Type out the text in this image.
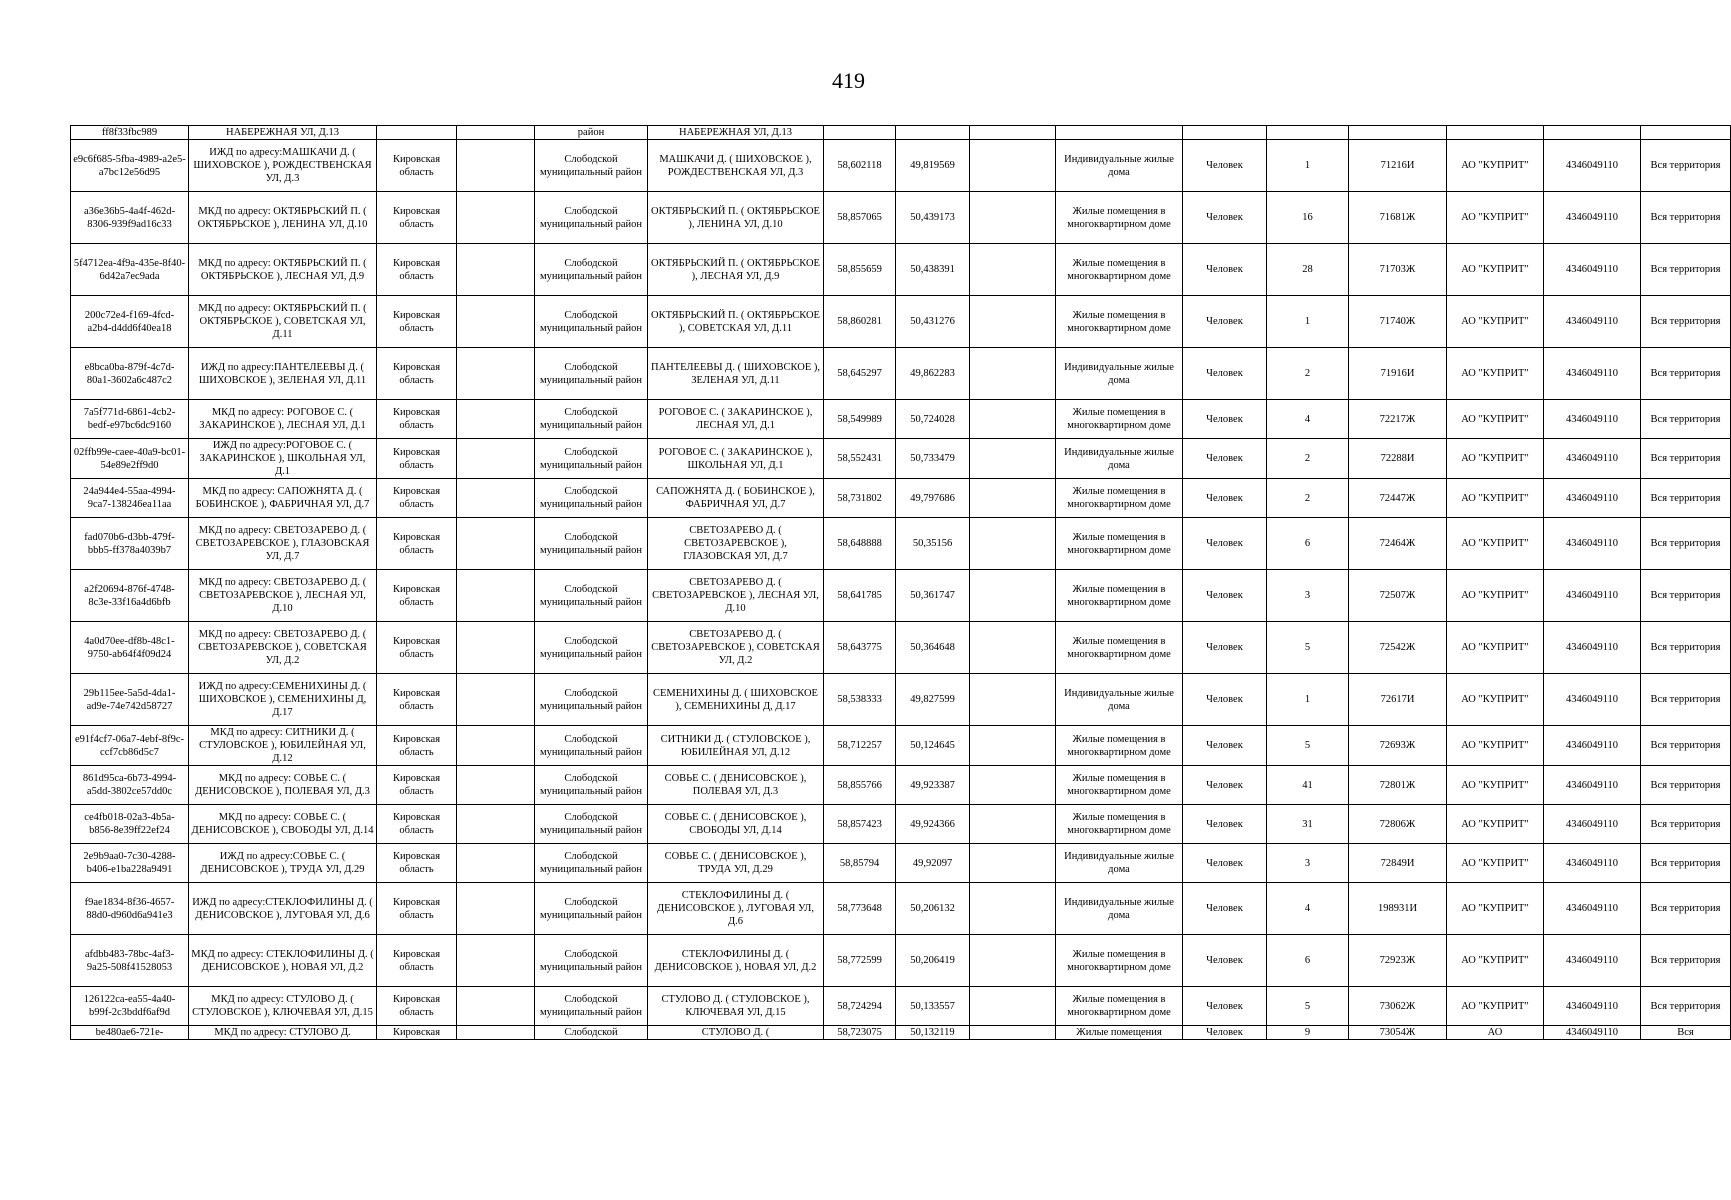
419
ff8f33fbc989	НАБЕРЕЖНАЯ УЛ, Д.13			район	НАБЕРЕЖНАЯ УЛ, Д.13										
e9c6f685-5fba-4989-a2e5-a7bc12e56d95	ИЖД по адресу:МАШКАЧИ Д. ( ШИХОВСКОЕ ), РОЖДЕСТВЕНСКАЯ УЛ, Д.3	Кировская область		Слободской муниципальный район	МАШКАЧИ Д. ( ШИХОВСКОЕ ), РОЖДЕСТВЕНСКАЯ УЛ, Д.3	58,602118	49,819569		Индивидуальные жилые дома	Человек	1	71216И	АО "КУПРИТ"	4346049110	Вся территория
a36e36b5-4a4f-462d-8306-939f9ad16c33	МКД по адресу: ОКТЯБРЬСКИЙ П. ( ОКТЯБРЬСКОЕ ), ЛЕНИНА УЛ, Д.10	Кировская область		Слободской муниципальный район	ОКТЯБРЬСКИЙ П. ( ОКТЯБРЬСКОЕ ), ЛЕНИНА УЛ, Д.10	58,857065	50,439173		Жилые помещения в многоквартирном доме	Человек	16	71681Ж	АО "КУПРИТ"	4346049110	Вся территория
5f4712ea-4f9a-435e-8f40-6d42a7ec9ada	МКД по адресу: ОКТЯБРЬСКИЙ П. ( ОКТЯБРЬСКОЕ ), ЛЕСНАЯ УЛ, Д.9	Кировская область		Слободской муниципальный район	ОКТЯБРЬСКИЙ П. ( ОКТЯБРЬСКОЕ ), ЛЕСНАЯ УЛ, Д.9	58,855659	50,438391		Жилые помещения в многоквартирном доме	Человек	28	71703Ж	АО "КУПРИТ"	4346049110	Вся территория
200c72e4-f169-4fcd-a2b4-d4dd6f40ea18	МКД по адресу: ОКТЯБРЬСКИЙ П. ( ОКТЯБРЬСКОЕ ), СОВЕТСКАЯ УЛ, Д.11	Кировская область		Слободской муниципальный район	ОКТЯБРЬСКИЙ П. ( ОКТЯБРЬСКОЕ ), СОВЕТСКАЯ УЛ, Д.11	58,860281	50,431276		Жилые помещения в многоквартирном доме	Человек	1	71740Ж	АО "КУПРИТ"	4346049110	Вся территория
e8bca0ba-879f-4c7d-80a1-3602a6c487c2	ИЖД по адресу:ПАНТЕЛЕЕВЫ Д. ( ШИХОВСКОЕ ), ЗЕЛЕНАЯ УЛ, Д.11	Кировская область		Слободской муниципальный район	ПАНТЕЛЕЕВЫ Д. ( ШИХОВСКОЕ ), ЗЕЛЕНАЯ УЛ, Д.11	58,645297	49,862283		Индивидуальные жилые дома	Человек	2	71916И	АО "КУПРИТ"	4346049110	Вся территория
7a5f771d-6861-4cb2-bedf-e97bc6dc9160	МКД по адресу: РОГОВОЕ С. ( ЗАКАРИНСКОЕ ), ЛЕСНАЯ УЛ, Д.1	Кировская область		Слободской муниципальный район	РОГОВОЕ С. ( ЗАКАРИНСКОЕ ), ЛЕСНАЯ УЛ, Д.1	58,549989	50,724028		Жилые помещения в многоквартирном доме	Человек	4	72217Ж	АО "КУПРИТ"	4346049110	Вся территория
02ffb99e-caee-40a9-bc01-54e89e2ff9d0	ИЖД по адресу:РОГОВОЕ С. ( ЗАКАРИНСКОЕ ), ШКОЛЬНАЯ УЛ, Д.1	Кировская область		Слободской муниципальный район	РОГОВОЕ С. ( ЗАКАРИНСКОЕ ), ШКОЛЬНАЯ УЛ, Д.1	58,552431	50,733479		Индивидуальные жилые дома	Человек	2	72288И	АО "КУПРИТ"	4346049110	Вся территория
24a944e4-55aa-4994-9ca7-138246ea11aa	МКД по адресу: САПОЖНЯТА Д. ( БОБИНСКОЕ ), ФАБРИЧНАЯ УЛ, Д.7	Кировская область		Слободской муниципальный район	САПОЖНЯТА Д. ( БОБИНСКОЕ ), ФАБРИЧНАЯ УЛ, Д.7	58,731802	49,797686		Жилые помещения в многоквартирном доме	Человек	2	72447Ж	АО "КУПРИТ"	4346049110	Вся территория
fad070b6-d3bb-479f-bbb5-ff378a4039b7	МКД по адресу: СВЕТОЗАРЕВО Д. ( СВЕТОЗАРЕВСКОЕ ), ГЛАЗОВСКАЯ УЛ, Д.7	Кировская область		Слободской муниципальный район	СВЕТОЗАРЕВО Д. ( СВЕТОЗАРЕВСКОЕ ), ГЛАЗОВСКАЯ УЛ, Д.7	58,648888	50,35156		Жилые помещения в многоквартирном доме	Человек	6	72464Ж	АО "КУПРИТ"	4346049110	Вся территория
a2f20694-876f-4748-8c3e-33f16a4d6bfb	МКД по адресу: СВЕТОЗАРЕВО Д. ( СВЕТОЗАРЕВСКОЕ ), ЛЕСНАЯ УЛ, Д.10	Кировская область		Слободской муниципальный район	СВЕТОЗАРЕВО Д. ( СВЕТОЗАРЕВСКОЕ ), ЛЕСНАЯ УЛ, Д.10	58,641785	50,361747		Жилые помещения в многоквартирном доме	Человек	3	72507Ж	АО "КУПРИТ"	4346049110	Вся территория
4a0d70ee-df8b-48c1-9750-ab64f4f09d24	МКД по адресу: СВЕТОЗАРЕВО Д. ( СВЕТОЗАРЕВСКОЕ ), СОВЕТСКАЯ УЛ, Д.2	Кировская область		Слободской муниципальный район	СВЕТОЗАРЕВО Д. ( СВЕТОЗАРЕВСКОЕ ), СОВЕТСКАЯ УЛ, Д.2	58,643775	50,364648		Жилые помещения в многоквартирном доме	Человек	5	72542Ж	АО "КУПРИТ"	4346049110	Вся территория
29b115ee-5a5d-4da1-ad9e-74e742d58727	ИЖД по адресу:СЕМЕНИХИНЫ Д. ( ШИХОВСКОЕ ), СЕМЕНИХИНЫ Д, Д.17	Кировская область		Слободской муниципальный район	СЕМЕНИХИНЫ Д. ( ШИХОВСКОЕ ), СЕМЕНИХИНЫ Д, Д.17	58,538333	49,827599		Индивидуальные жилые дома	Человек	1	72617И	АО "КУПРИТ"	4346049110	Вся территория
e91f4cf7-06a7-4ebf-8f9c-ccf7cb86d5c7	МКД по адресу: СИТНИКИ Д. ( СТУЛОВСКОЕ ), ЮБИЛЕЙНАЯ УЛ, Д.12	Кировская область		Слободской муниципальный район	СИТНИКИ Д. ( СТУЛОВСКОЕ ), ЮБИЛЕЙНАЯ УЛ, Д.12	58,712257	50,124645		Жилые помещения в многоквартирном доме	Человек	5	72693Ж	АО "КУПРИТ"	4346049110	Вся территория
861d95ca-6b73-4994-a5dd-3802ce57dd0c	МКД по адресу: СОВЬЕ С. ( ДЕНИСОВСКОЕ ), ПОЛЕВАЯ УЛ, Д.3	Кировская область		Слободской муниципальный район	СОВЬЕ С. ( ДЕНИСОВСКОЕ ), ПОЛЕВАЯ УЛ, Д.3	58,855766	49,923387		Жилые помещения в многоквартирном доме	Человек	41	72801Ж	АО "КУПРИТ"	4346049110	Вся территория
ce4fb018-02a3-4b5a-b856-8e39ff22ef24	МКД по адресу: СОВЬЕ С. ( ДЕНИСОВСКОЕ ), СВОБОДЫ УЛ, Д.14	Кировская область		Слободской муниципальный район	СОВЬЕ С. ( ДЕНИСОВСКОЕ ), СВОБОДЫ УЛ, Д.14	58,857423	49,924366		Жилые помещения в многоквартирном доме	Человек	31	72806Ж	АО "КУПРИТ"	4346049110	Вся территория
2e9b9aa0-7c30-4288-b406-e1ba228a9491	ИЖД по адресу:СОВЬЕ С. ( ДЕНИСОВСКОЕ ), ТРУДА УЛ, Д.29	Кировская область		Слободской муниципальный район	СОВЬЕ С. ( ДЕНИСОВСКОЕ ), ТРУДА УЛ, Д.29	58,85794	49,92097		Индивидуальные жилые дома	Человек	3	72849И	АО "КУПРИТ"	4346049110	Вся территория
f9ae1834-8f36-4657-88d0-d960d6a941e3	ИЖД по адресу:СТЕКЛОФИЛИНЫ Д. ( ДЕНИСОВСКОЕ ), ЛУГОВАЯ УЛ, Д.6	Кировская область		Слободской муниципальный район	СТЕКЛОФИЛИНЫ Д. ( ДЕНИСОВСКОЕ ), ЛУГОВАЯ УЛ, Д.6	58,773648	50,206132		Индивидуальные жилые дома	Человек	4	198931И	АО "КУПРИТ"	4346049110	Вся территория
afdbb483-78bc-4af3-9a25-508f41528053	МКД по адресу: СТЕКЛОФИЛИНЫ Д. ( ДЕНИСОВСКОЕ ), НОВАЯ УЛ, Д.2	Кировская область		Слободской муниципальный район	СТЕКЛОФИЛИНЫ Д. ( ДЕНИСОВСКОЕ ), НОВАЯ УЛ, Д.2	58,772599	50,206419		Жилые помещения в многоквартирном доме	Человек	6	72923Ж	АО "КУПРИТ"	4346049110	Вся территория
126122ca-ea55-4a40-b99f-2c3bddf6af9d	МКД по адресу: СТУЛОВО Д. ( СТУЛОВСКОЕ ), КЛЮЧЕВАЯ УЛ, Д.15	Кировская область		Слободской муниципальный район	СТУЛОВО Д. ( СТУЛОВСКОЕ ), КЛЮЧЕВАЯ УЛ, Д.15	58,724294	50,133557		Жилые помещения в многоквартирном доме	Человек	5	73062Ж	АО "КУПРИТ"	4346049110	Вся территория
be480ae6-721e-	МКД по адресу: СТУЛОВО Д.	Кировская		Слободской	СТУЛОВО Д. (	58,723075	50,132119		Жилые помещения	Человек	9	73054Ж	АО	4346049110	Вся
